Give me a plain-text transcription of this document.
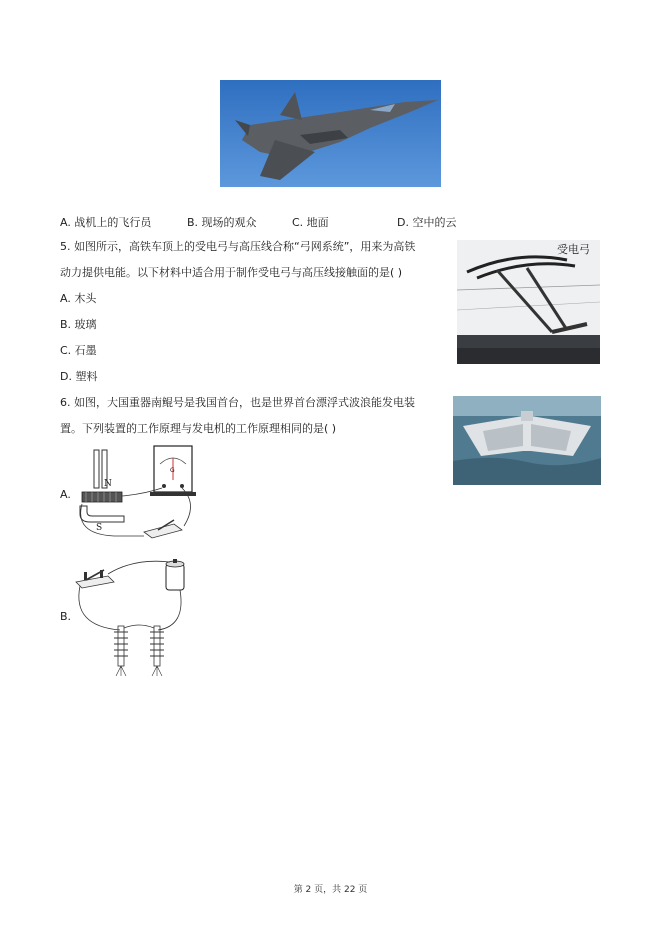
A. 战机上的飞行员	B. 现场的观众	C. 地面	D. 空中的云
5. 如图所示，高铁车顶上的受电弓与高压线合称“弓网系统”，用来为高铁
动力提供电能。以下材料中适合用于制作受电弓与高压线接触面的是( )
A. 木头
B. 玻璃
C. 石墨
D. 塑料
受电弓
6. 如图，大国重器南鲲号是我国首台，也是世界首台漂浮式波浪能发电装
置。下列装置的工作原理与发电机的工作原理相同的是( )
A.
N
S
G
B.
第 2 页，共 22 页
